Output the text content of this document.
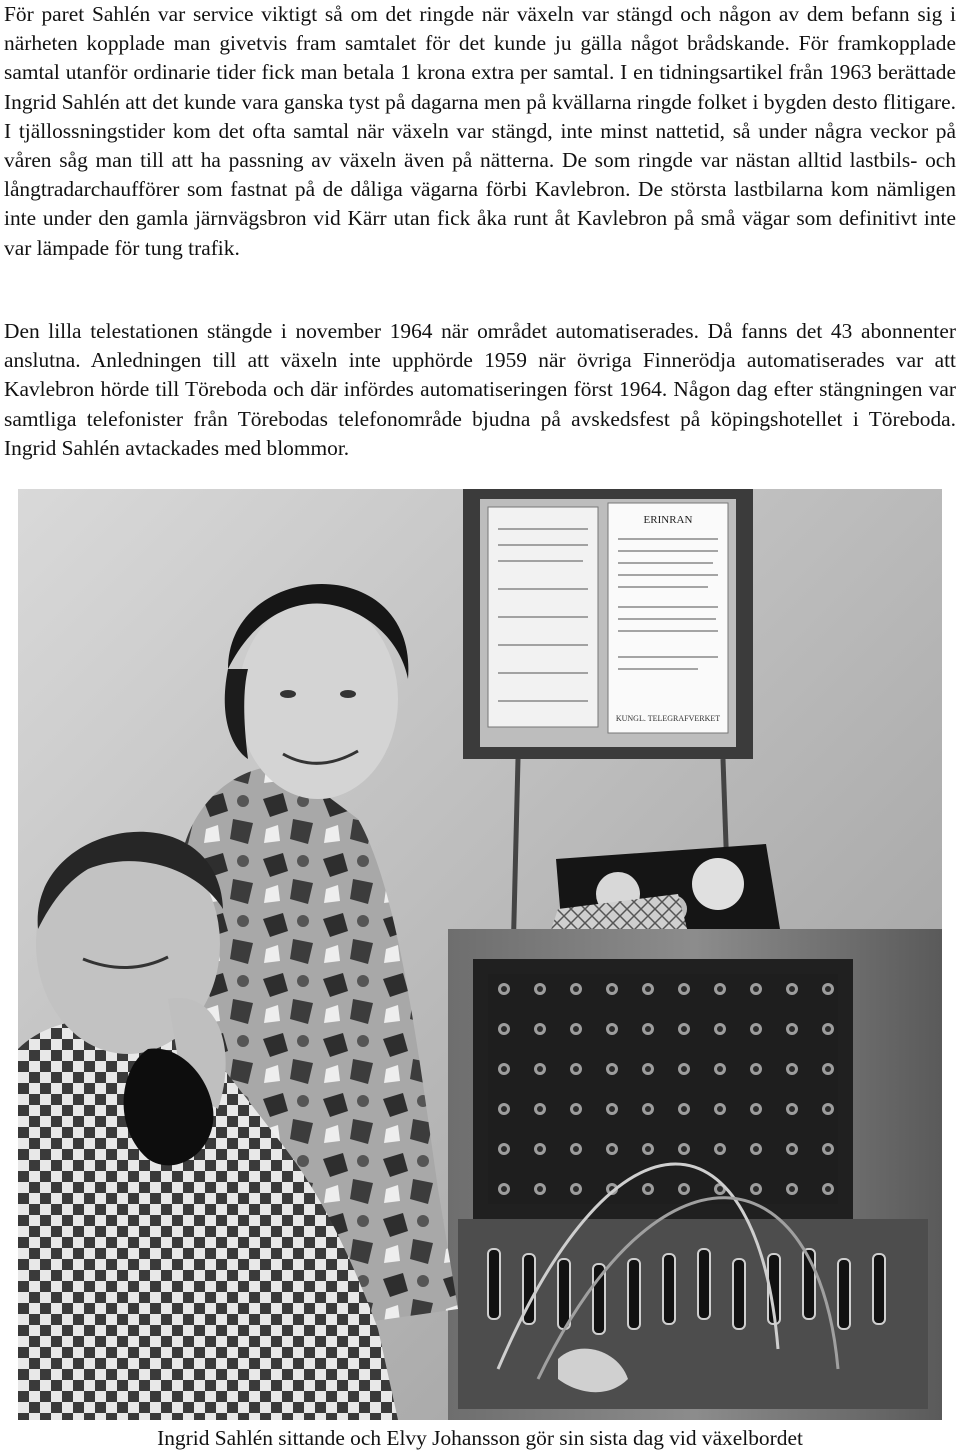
För paret Sahlén var service viktigt så om det ringde när växeln var stängd och någon av dem befann sig i närheten kopplade man givetvis fram samtalet för det kunde ju gälla något brådskande. För framkopplade samtal utanför ordinarie tider fick man betala 1 krona extra per samtal. I en tidningsartikel från 1963 berättade Ingrid Sahlén att det kunde vara ganska tyst på dagarna men på kvällarna ringde folket i bygden desto flitigare. I tjällossningstider kom det ofta samtal när växeln var stängd, inte minst nattetid, så under några veckor på våren såg man till att ha passning av växeln även på nätterna. De som ringde var nästan alltid lastbils- och långtradarchaufförer som fastnat på de dåliga vägarna förbi Kavlebron. De största lastbilarna kom nämligen inte under den gamla järnvägsbron vid Kärr utan fick åka runt åt Kavlebron på små vägar som definitivt inte var lämpade för tung trafik.

Den lilla telestationen stängde i november 1964 när området automatiserades. Då fanns det 43 abonnenter anslutna. Anledningen till att växeln inte upphörde 1959 när övriga Finnerödja automatiserades var att Kavlebron hörde till Töreboda och där infördes automatiseringen först 1964. Någon dag efter stängningen var samtliga telefonister från Törebodas telefonområde bjudna på avskedsfest på köpingshotellet i Töreboda. Ingrid Sahlén avtackades med blommor.

ERINRAN
KUNGL. TELEGRAFVERKET

Ingrid Sahlén sittande och Elvy Johansson gör sin sista dag vid växelbordet
